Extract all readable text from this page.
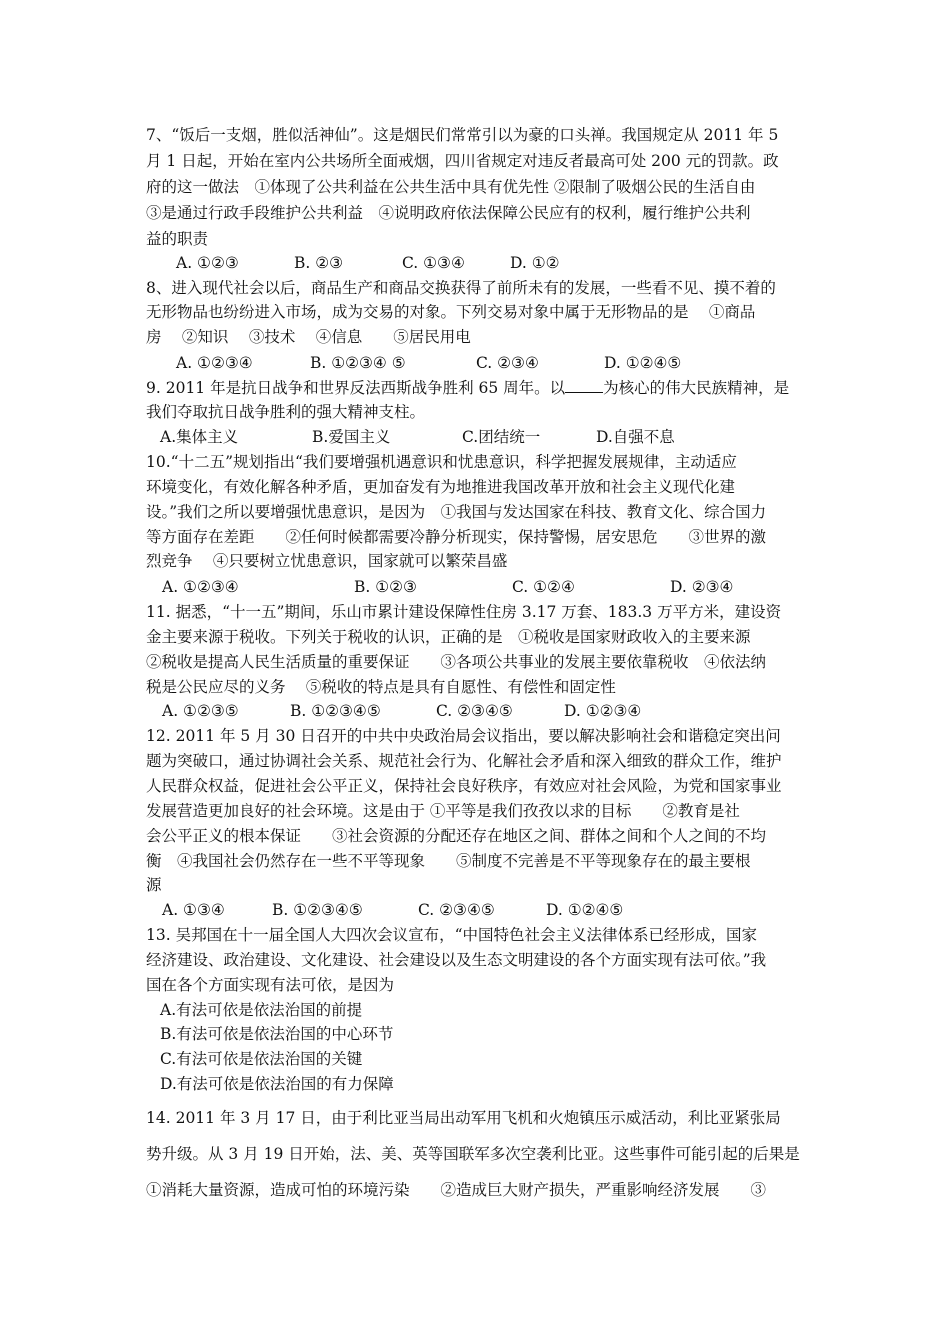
7、“饭后一支烟，胜似活神仙”。这是烟民们常常引以为豪的口头禅。我国规定从 2011 年 5
月 1 日起，开始在室内公共场所全面戒烟，四川省规定对违反者最高可处 200 元的罚款。政
府的这一做法　①体现了公共利益在公共生活中具有优先性 ②限制了吸烟公民的生活自由
③是通过行政手段维护公共利益　④说明政府依法保障公民应有的权利，履行维护公共利
益的职责
A. ①②③	B. ②③	C. ①③④	D. ①②
8、进入现代社会以后，商品生产和商品交换获得了前所未有的发展，一些看不见、摸不着的
无形物品也纷纷进入市场，成为交易的对象。下列交易对象中属于无形物品的是　 ①商品
房　 ②知识　 ③技术　 ④信息　　⑤居民用电
A. ①②③④	B. ①②③④ ⑤	C. ②③④	D. ①②④⑤
9. 2011 年是抗日战争和世界反法西斯战争胜利 65 周年。以 为核心的伟大民族精神，是
我们夺取抗日战争胜利的强大精神支柱。
A.集体主义	B.爱国主义	C.团结统一	D.自强不息
10.“十二五”规划指出“我们要增强机遇意识和忧患意识，科学把握发展规律，主动适应
环境变化，有效化解各种矛盾，更加奋发有为地推进我国改革开放和社会主义现代化建
设。”我们之所以要增强忧患意识，是因为　①我国与发达国家在科技、教育文化、综合国力
等方面存在差距　　②任何时候都需要冷静分析现实，保持警惕，居安思危　　③世界的激
烈竞争　 ④只要树立忧患意识，国家就可以繁荣昌盛
A. ①②③④	B. ①②③	C. ①②④	D. ②③④
11. 据悉，“十一五”期间，乐山市累计建设保障性住房 3.17 万套、183.3 万平方米，建设资
金主要来源于税收。下列关于税收的认识，正确的是　①税收是国家财政收入的主要来源
②税收是提高人民生活质量的重要保证　　③各项公共事业的发展主要依靠税收　④依法纳
税是公民应尽的义务　 ⑤税收的特点是具有自愿性、有偿性和固定性
A. ①②③⑤	B. ①②③④⑤	C. ②③④⑤	D. ①②③④
12. 2011 年 5 月 30 日召开的中共中央政治局会议指出，要以解决影响社会和谐稳定突出问
题为突破口，通过协调社会关系、规范社会行为、化解社会矛盾和深入细致的群众工作，维护
人民群众权益，促进社会公平正义，保持社会良好秩序，有效应对社会风险，为党和国家事业
发展营造更加良好的社会环境。这是由于 ①平等是我们孜孜以求的目标　　②教育是社
会公平正义的根本保证　　③社会资源的分配还存在地区之间、群体之间和个人之间的不均
衡　④我国社会仍然存在一些不平等现象　　⑤制度不完善是不平等现象存在的最主要根
源
A. ①③④	B. ①②③④⑤	C. ②③④⑤	D. ①②④⑤
13. 吴邦国在十一届全国人大四次会议宣布，“中国特色社会主义法律体系已经形成，国家
经济建设、政治建设、文化建设、社会建设以及生态文明建设的各个方面实现有法可依。”我
国在各个方面实现有法可依，是因为
A.有法可依是依法治国的前提
B.有法可依是依法治国的中心环节
C.有法可依是依法治国的关键
D.有法可依是依法治国的有力保障
14. 2011 年 3 月 17 日，由于利比亚当局出动军用飞机和火炮镇压示威活动，利比亚紧张局
势升级。从 3 月 19 日开始，法、美、英等国联军多次空袭利比亚。这些事件可能引起的后果是
①消耗大量资源，造成可怕的环境污染　　②造成巨大财产损失，严重影响经济发展　　③
